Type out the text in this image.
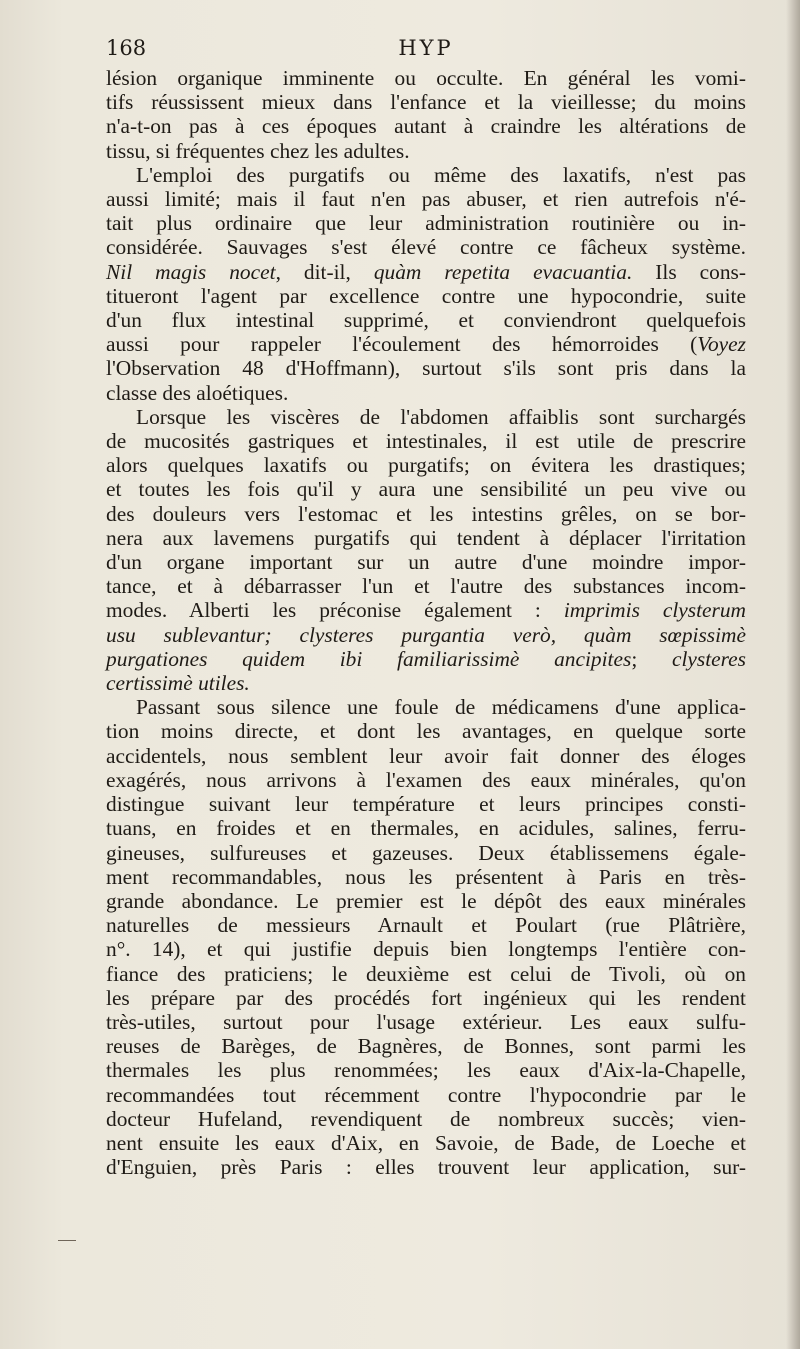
168	HYP
lésion organique imminente ou occulte. En général les vomi-
tifs réussissent mieux dans l'enfance et la vieillesse; du moins
n'a-t-on pas à ces époques autant à craindre les altérations de
tissu, si fréquentes chez les adultes.
L'emploi des purgatifs ou même des laxatifs, n'est pas
aussi limité; mais il faut n'en pas abuser, et rien autrefois n'é-
tait plus ordinaire que leur administration routinière ou in-
considérée. Sauvages s'est élevé contre ce fâcheux système.
Nil magis nocet, dit-il, quàm repetita evacuantia. Ils cons-
titueront l'agent par excellence contre une hypocondrie, suite
d'un flux intestinal supprimé, et conviendront quelquefois
aussi pour rappeler l'écoulement des hémorroides (Voyez
l'Observation 48 d'Hoffmann), surtout s'ils sont pris dans la
classe des aloétiques.
Lorsque les viscères de l'abdomen affaiblis sont surchargés
de mucosités gastriques et intestinales, il est utile de prescrire
alors quelques laxatifs ou purgatifs; on évitera les drastiques;
et toutes les fois qu'il y aura une sensibilité un peu vive ou
des douleurs vers l'estomac et les intestins grêles, on se bor-
nera aux lavemens purgatifs qui tendent à déplacer l'irritation
d'un organe important sur un autre d'une moindre impor-
tance, et à débarrasser l'un et l'autre des substances incom-
modes. Alberti les préconise également : imprimis clysterum
usu sublevantur; clysteres purgantia verò, quàm sœpissimè
purgationes quidem ibi familiarissimè ancipites; clysteres
certissimè utiles.
Passant sous silence une foule de médicamens d'une applica-
tion moins directe, et dont les avantages, en quelque sorte
accidentels, nous semblent leur avoir fait donner des éloges
exagérés, nous arrivons à l'examen des eaux minérales, qu'on
distingue suivant leur température et leurs principes consti-
tuans, en froides et en thermales, en acidules, salines, ferru-
gineuses, sulfureuses et gazeuses. Deux établissemens égale-
ment recommandables, nous les présentent à Paris en très-
grande abondance. Le premier est le dépôt des eaux minérales
naturelles de messieurs Arnault et Poulart (rue Plâtrière,
n°. 14), et qui justifie depuis bien longtemps l'entière con-
fiance des praticiens; le deuxième est celui de Tivoli, où on
les prépare par des procédés fort ingénieux qui les rendent
très-utiles, surtout pour l'usage extérieur. Les eaux sulfu-
reuses de Barèges, de Bagnères, de Bonnes, sont parmi les
thermales les plus renommées; les eaux d'Aix-la-Chapelle,
recommandées tout récemment contre l'hypocondrie par le
docteur Hufeland, revendiquent de nombreux succès; vien-
nent ensuite les eaux d'Aix, en Savoie, de Bade, de Loeche et
d'Enguien, près Paris : elles trouvent leur application, sur-
